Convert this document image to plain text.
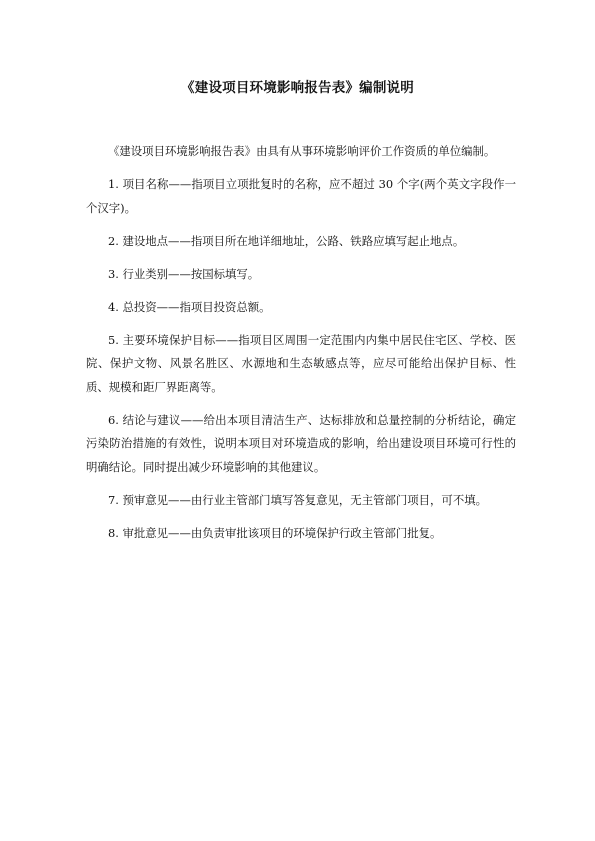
《建设项目环境影响报告表》编制说明

《建设项目环境影响报告表》由具有从事环境影响评价工作资质的单位编制。

1. 项目名称——指项目立项批复时的名称，应不超过 30 个字(两个英文字段作一个汉字)。

2. 建设地点——指项目所在地详细地址，公路、铁路应填写起止地点。

3. 行业类别——按国标填写。

4. 总投资——指项目投资总额。

5. 主要环境保护目标——指项目区周围一定范围内内集中居民住宅区、学校、医院、保护文物、风景名胜区、水源地和生态敏感点等，应尽可能给出保护目标、性质、规模和距厂界距离等。

6. 结论与建议——给出本项目清洁生产、达标排放和总量控制的分析结论，确定污染防治措施的有效性，说明本项目对环境造成的影响，给出建设项目环境可行性的明确结论。同时提出减少环境影响的其他建议。

7. 预审意见——由行业主管部门填写答复意见，无主管部门项目，可不填。

8. 审批意见——由负责审批该项目的环境保护行政主管部门批复。
